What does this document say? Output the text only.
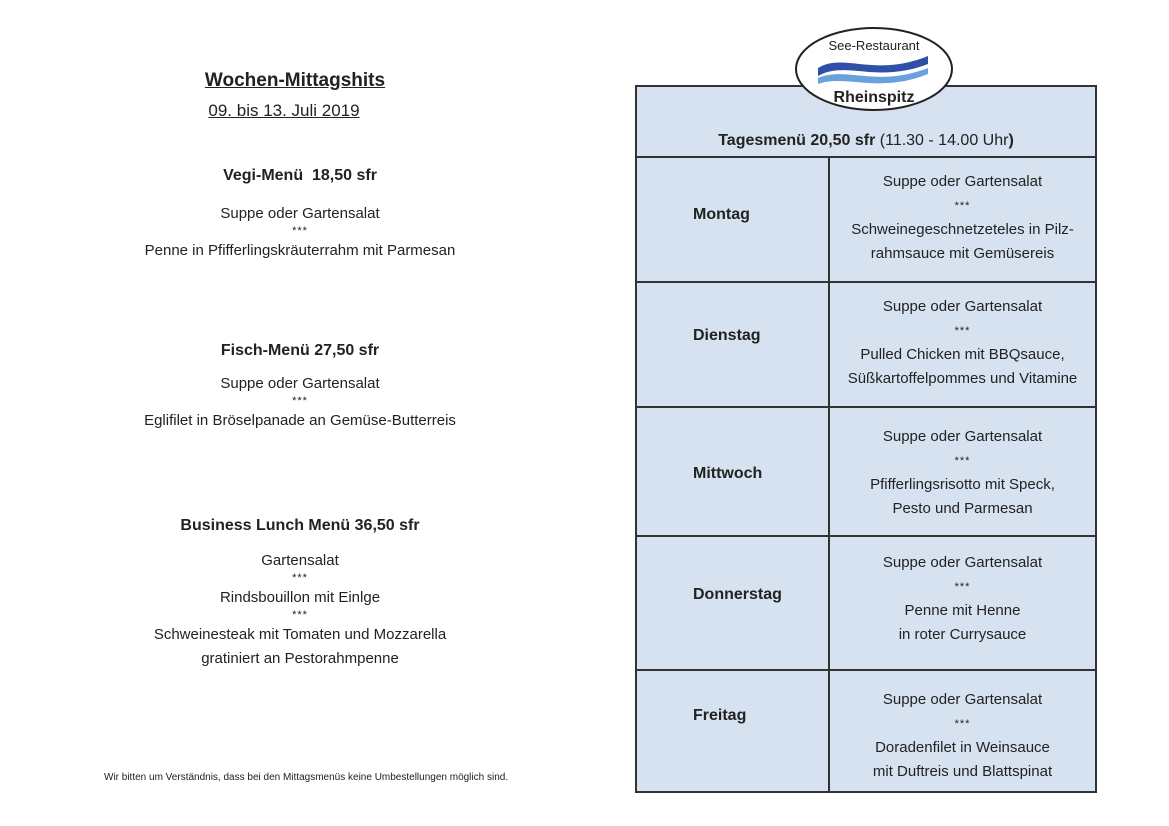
Wochen-Mittagshits
09. bis 13. Juli 2019
Vegi-Menü  18,50 sfr
Suppe oder Gartensalat
***
Penne in Pfifferlingskräuterrahm mit Parmesan
Fisch-Menü 27,50 sfr
Suppe oder Gartensalat
***
Eglifilet in Bröselpanade an Gemüse-Butterreis
Business Lunch Menü 36,50 sfr
Gartensalat
***
Rindsbouillon mit Einlge
***
Schweinesteak mit Tomaten und Mozzarella
gratiniert an Pestorahmpenne
Wir bitten um Verständnis, dass bei den Mittagsmenüs keine Umbestellungen möglich sind.
Tagesmenü 20,50 sfr (11.30 - 14.00 Uhr)
Montag
Suppe oder Gartensalat
***
Schweinegeschnetzeteles in Pilz-
rahmsauce mit Gemüsereis
Dienstag
Suppe oder Gartensalat
***
Pulled Chicken mit BBQsauce,
Süßkartoffelpommes und Vitamine
Mittwoch
Suppe oder Gartensalat
***
Pfifferlingsrisotto mit Speck,
Pesto und Parmesan
Donnerstag
Suppe oder Gartensalat
***
Penne mit Henne
in roter Currysauce
Freitag
Suppe oder Gartensalat
***
Doradenfilet in Weinsauce
mit Duftreis und Blattspinat
See-Restaurant
Rheinspitz
